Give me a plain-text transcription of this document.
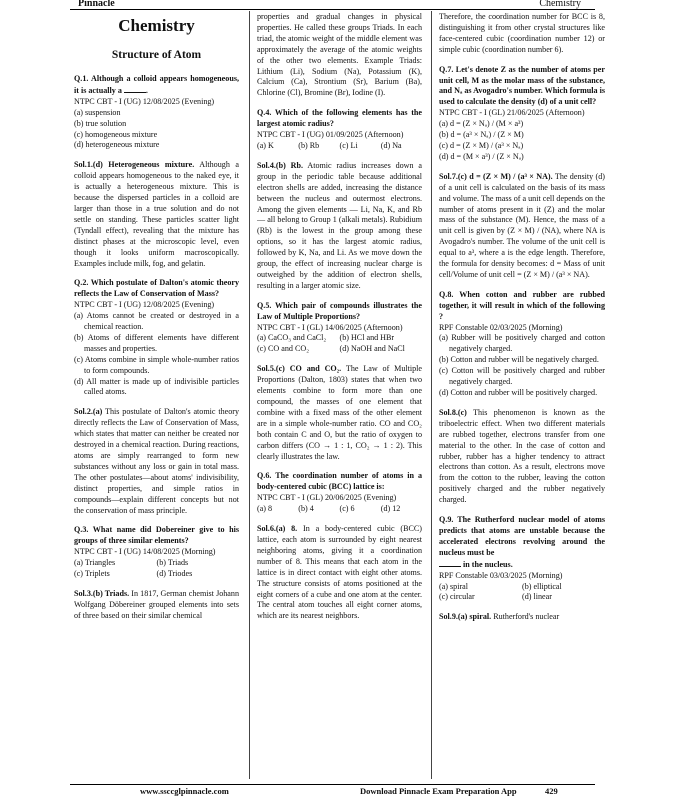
Pinnacle	Chemistry
Chemistry
Structure of Atom

Q.1. Although a colloid appears homogeneous, it is actually a	.

NTPC CBT - I (UG) 12/08/2025 (Evening)

(a) suspension

(b) true solution

(c) homogeneous mixture

(d) heterogeneous mixture

Sol.1.(d) Heterogeneous mixture. Although a colloid appears homogeneous to the naked eye, it is actually a heterogeneous mixture. This is because the dispersed particles in a colloid are larger than those in a true solution and do not settle on standing. These particles scatter light (Tyndall effect), revealing that the mixture has distinct phases at the microscopic level, even though it looks uniform macroscopically. Examples include milk, fog, and gelatin.

Q.2. Which postulate of Dalton's atomic theory reflects the Law of Conservation of Mass?

NTPC CBT - I (UG) 12/08/2025 (Evening)

(a) Atoms cannot be created or destroyed in a chemical reaction.

(b) Atoms of different elements have different masses and properties.

(c) Atoms combine in simple whole-number ratios to form compounds.

(d) All matter is made up of indivisible particles called atoms.

Sol.2.(a) This postulate of Dalton's atomic theory directly reflects the Law of Conservation of Mass, which states that matter can neither be created nor destroyed in a chemical reaction. During reactions, atoms are simply rearranged to form new substances without any loss or gain in total mass. The other postulates—about atoms' indivisibility, distinct properties, and simple ratios in compounds—explain different concepts but not the conservation of mass principle.

Q.3. What name did Dobereiner give to his groups of three similar elements?

NTPC CBT - I (UG) 14/08/2025 (Morning)

(a) Triangles	(b) Triads
(c) Triplets	(d) Triodes

Sol.3.(b) Triads. In 1817, German chemist Johann Wolfgang Döbereiner grouped elements into sets of three based on their similar chemical

properties and gradual changes in physical properties. He called these groups Triads. In each triad, the atomic weight of the middle element was approximately the average of the atomic weights of the other two elements. Example Triads: Lithium (Li), Sodium (Na), Potassium (K), Calcium (Ca), Strontium (Sr), Barium (Ba), Chlorine (Cl), Bromine (Br), Iodine (I).

Q.4. Which of the following elements has the largest atomic radius?

NTPC CBT - I (UG) 01/09/2025 (Afternoon)

(a) K	(b) Rb	(c) Li	(d) Na

Sol.4.(b) Rb. Atomic radius increases down a group in the periodic table because additional electron shells are added, increasing the distance between the nucleus and outermost electrons. Among the given elements — Li, Na, K, and Rb — all belong to Group 1 (alkali metals). Rubidium (Rb) is the lowest in the group among these options, so it has the largest atomic radius, followed by K, Na, and Li. As we move down the group, the effect of increasing nuclear charge is outweighed by the addition of electron shells, resulting in a larger atomic size.

Q.5. Which pair of compounds illustrates the Law of Multiple Proportions?

NTPC CBT - I (GL) 14/06/2025 (Afternoon)

(a) CaCO₃ and CaCl₂	(b) HCl and HBr
(c) CO and CO₂	(d) NaOH and NaCl

Sol.5.(c) CO and CO₂. The Law of Multiple Proportions (Dalton, 1803) states that when two elements combine to form more than one compound, the masses of one element that combine with a fixed mass of the other element are in a simple whole-number ratio. CO and CO₂ both contain C and O, but the ratio of oxygen to carbon differs (CO → 1 : 1, CO₂ → 1 : 2). This clearly illustrates the law.

Q.6. The coordination number of atoms in a body-centered cubic (BCC) lattice is:

NTPC CBT - I (GL) 20/06/2025 (Evening)

(a) 8	(b) 4	(c) 6	(d) 12

Sol.6.(a) 8. In a body-centered cubic (BCC) lattice, each atom is surrounded by eight nearest neighboring atoms, giving it a coordination number of 8. This means that each atom in the lattice is in direct contact with eight other atoms. The structure consists of atoms positioned at the eight corners of a cube and one atom at the center. The central atom touches all eight corner atoms, which are its nearest neighbors.

Therefore, the coordination number for BCC is 8, distinguishing it from other crystal structures like face-centered cubic (coordination number 12) or simple cubic (coordination number 6).

Q.7. Let's denote Z as the number of atoms per unit cell, M as the molar mass of the substance, and Nₐ as Avogadro's number. Which formula is used to calculate the density (d) of a unit cell?

NTPC CBT - I (GL) 21/06/2025 (Afternoon)

(a) d = (Z × Nₐ) / (M × a³)

(b) d = (a³ × Nₐ) / (Z × M)

(c) d = (Z × M) / (a³ × Nₐ)

(d) d = (M × a³) / (Z × Nₐ)

Sol.7.(c) d = (Z × M) / (a³ × NA). The density (d) of a unit cell is calculated on the basis of its mass and volume. The mass of a unit cell depends on the number of atoms present in it (Z) and the molar mass of the substance (M). Hence, the mass of a unit cell is given by (Z × M) / (NA), where NA is Avogadro's number. The volume of the unit cell is equal to a³, where a is the edge length. Therefore, the formula for density becomes: d = Mass of unit cell/Volume of unit cell = (Z × M) / (a³ × NA).

Q.8. When cotton and rubber are rubbed together, it will result in which of the following ?

RPF Constable 02/03/2025 (Morning)

(a) Rubber will be positively charged and cotton negatively charged.

(b) Cotton and rubber will be negatively charged.

(c) Cotton will be positively charged and rubber negatively charged.

(d) Cotton and rubber will be positively charged.

Sol.8.(c) This phenomenon is known as the triboelectric effect. When two different materials are rubbed together, electrons transfer from one material to the other. In the case of cotton and rubber, rubber has a higher tendency to attract electrons than cotton. As a result, electrons move from the cotton to the rubber, leaving the cotton positively charged and the rubber negatively charged.

Q.9. The Rutherford nuclear model of atoms predicts that atoms are unstable because the accelerated electrons revolving around the nucleus must be

in the nucleus.

RPF Constable 03/03/2025 (Morning)

(a) spiral	(b) elliptical
(c) circular	(d) linear

Sol.9.(a) spiral. Rutherford's nuclear

www.ssccglpinnacle.com	Download Pinnacle Exam Preparation App	429
